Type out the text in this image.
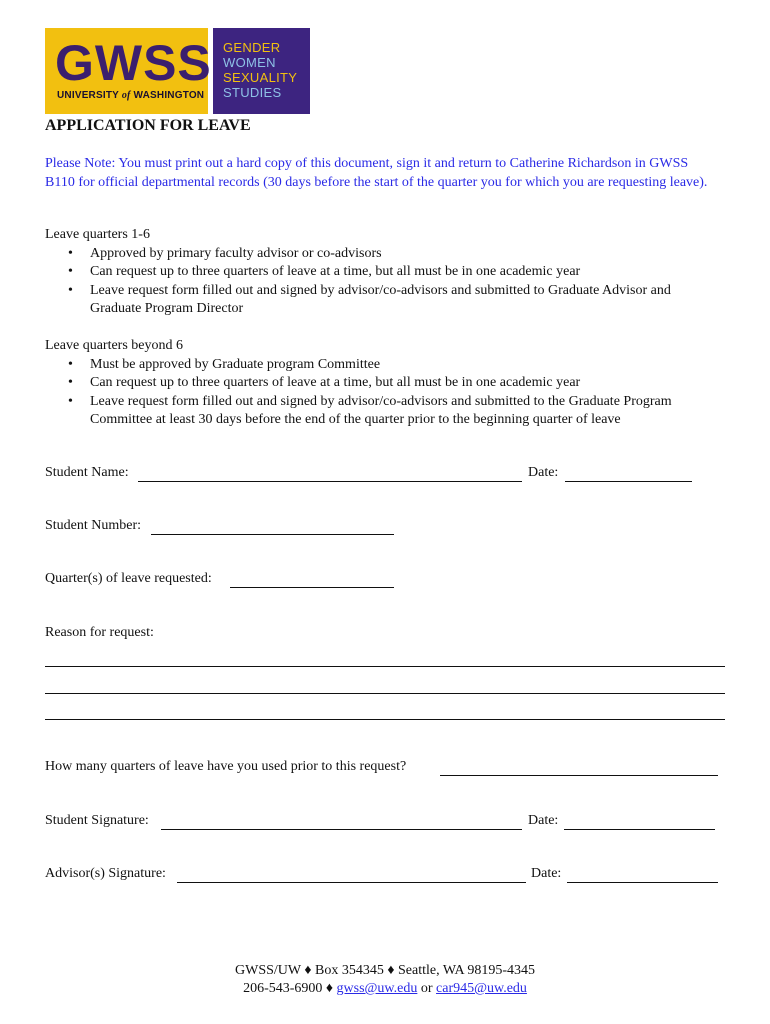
GWSS
UNIVERSITY of WASHINGTON
GENDER
WOMEN
SEXUALITY
STUDIES
APPLICATION FOR LEAVE
Please Note: You must print out a hard copy of this document, sign it and return to Catherine Richardson in GWSS B110 for official departmental records (30 days before the start of the quarter you for which you are requesting leave).
Leave quarters 1-6
• Approved by primary faculty advisor or co-advisors
• Can request up to three quarters of leave at a time, but all must be in one academic year
• Leave request form filled out and signed by advisor/co-advisors and submitted to Graduate Advisor and Graduate Program Director
Leave quarters beyond 6
• Must be approved by Graduate program Committee
• Can request up to three quarters of leave at a time, but all must be in one academic year
• Leave request form filled out and signed by advisor/co-advisors and submitted to the Graduate Program Committee at least 30 days before the end of the quarter prior to the beginning quarter of leave
Student Name:	Date:
Student Number:
Quarter(s) of leave requested:
Reason for request:
How many quarters of leave have you used prior to this request?
Student Signature:	Date:
Advisor(s) Signature:	Date:
GWSS/UW ♦ Box 354345 ♦ Seattle, WA 98195-4345
206-543-6900 ♦ gwss@uw.edu or car945@uw.edu
